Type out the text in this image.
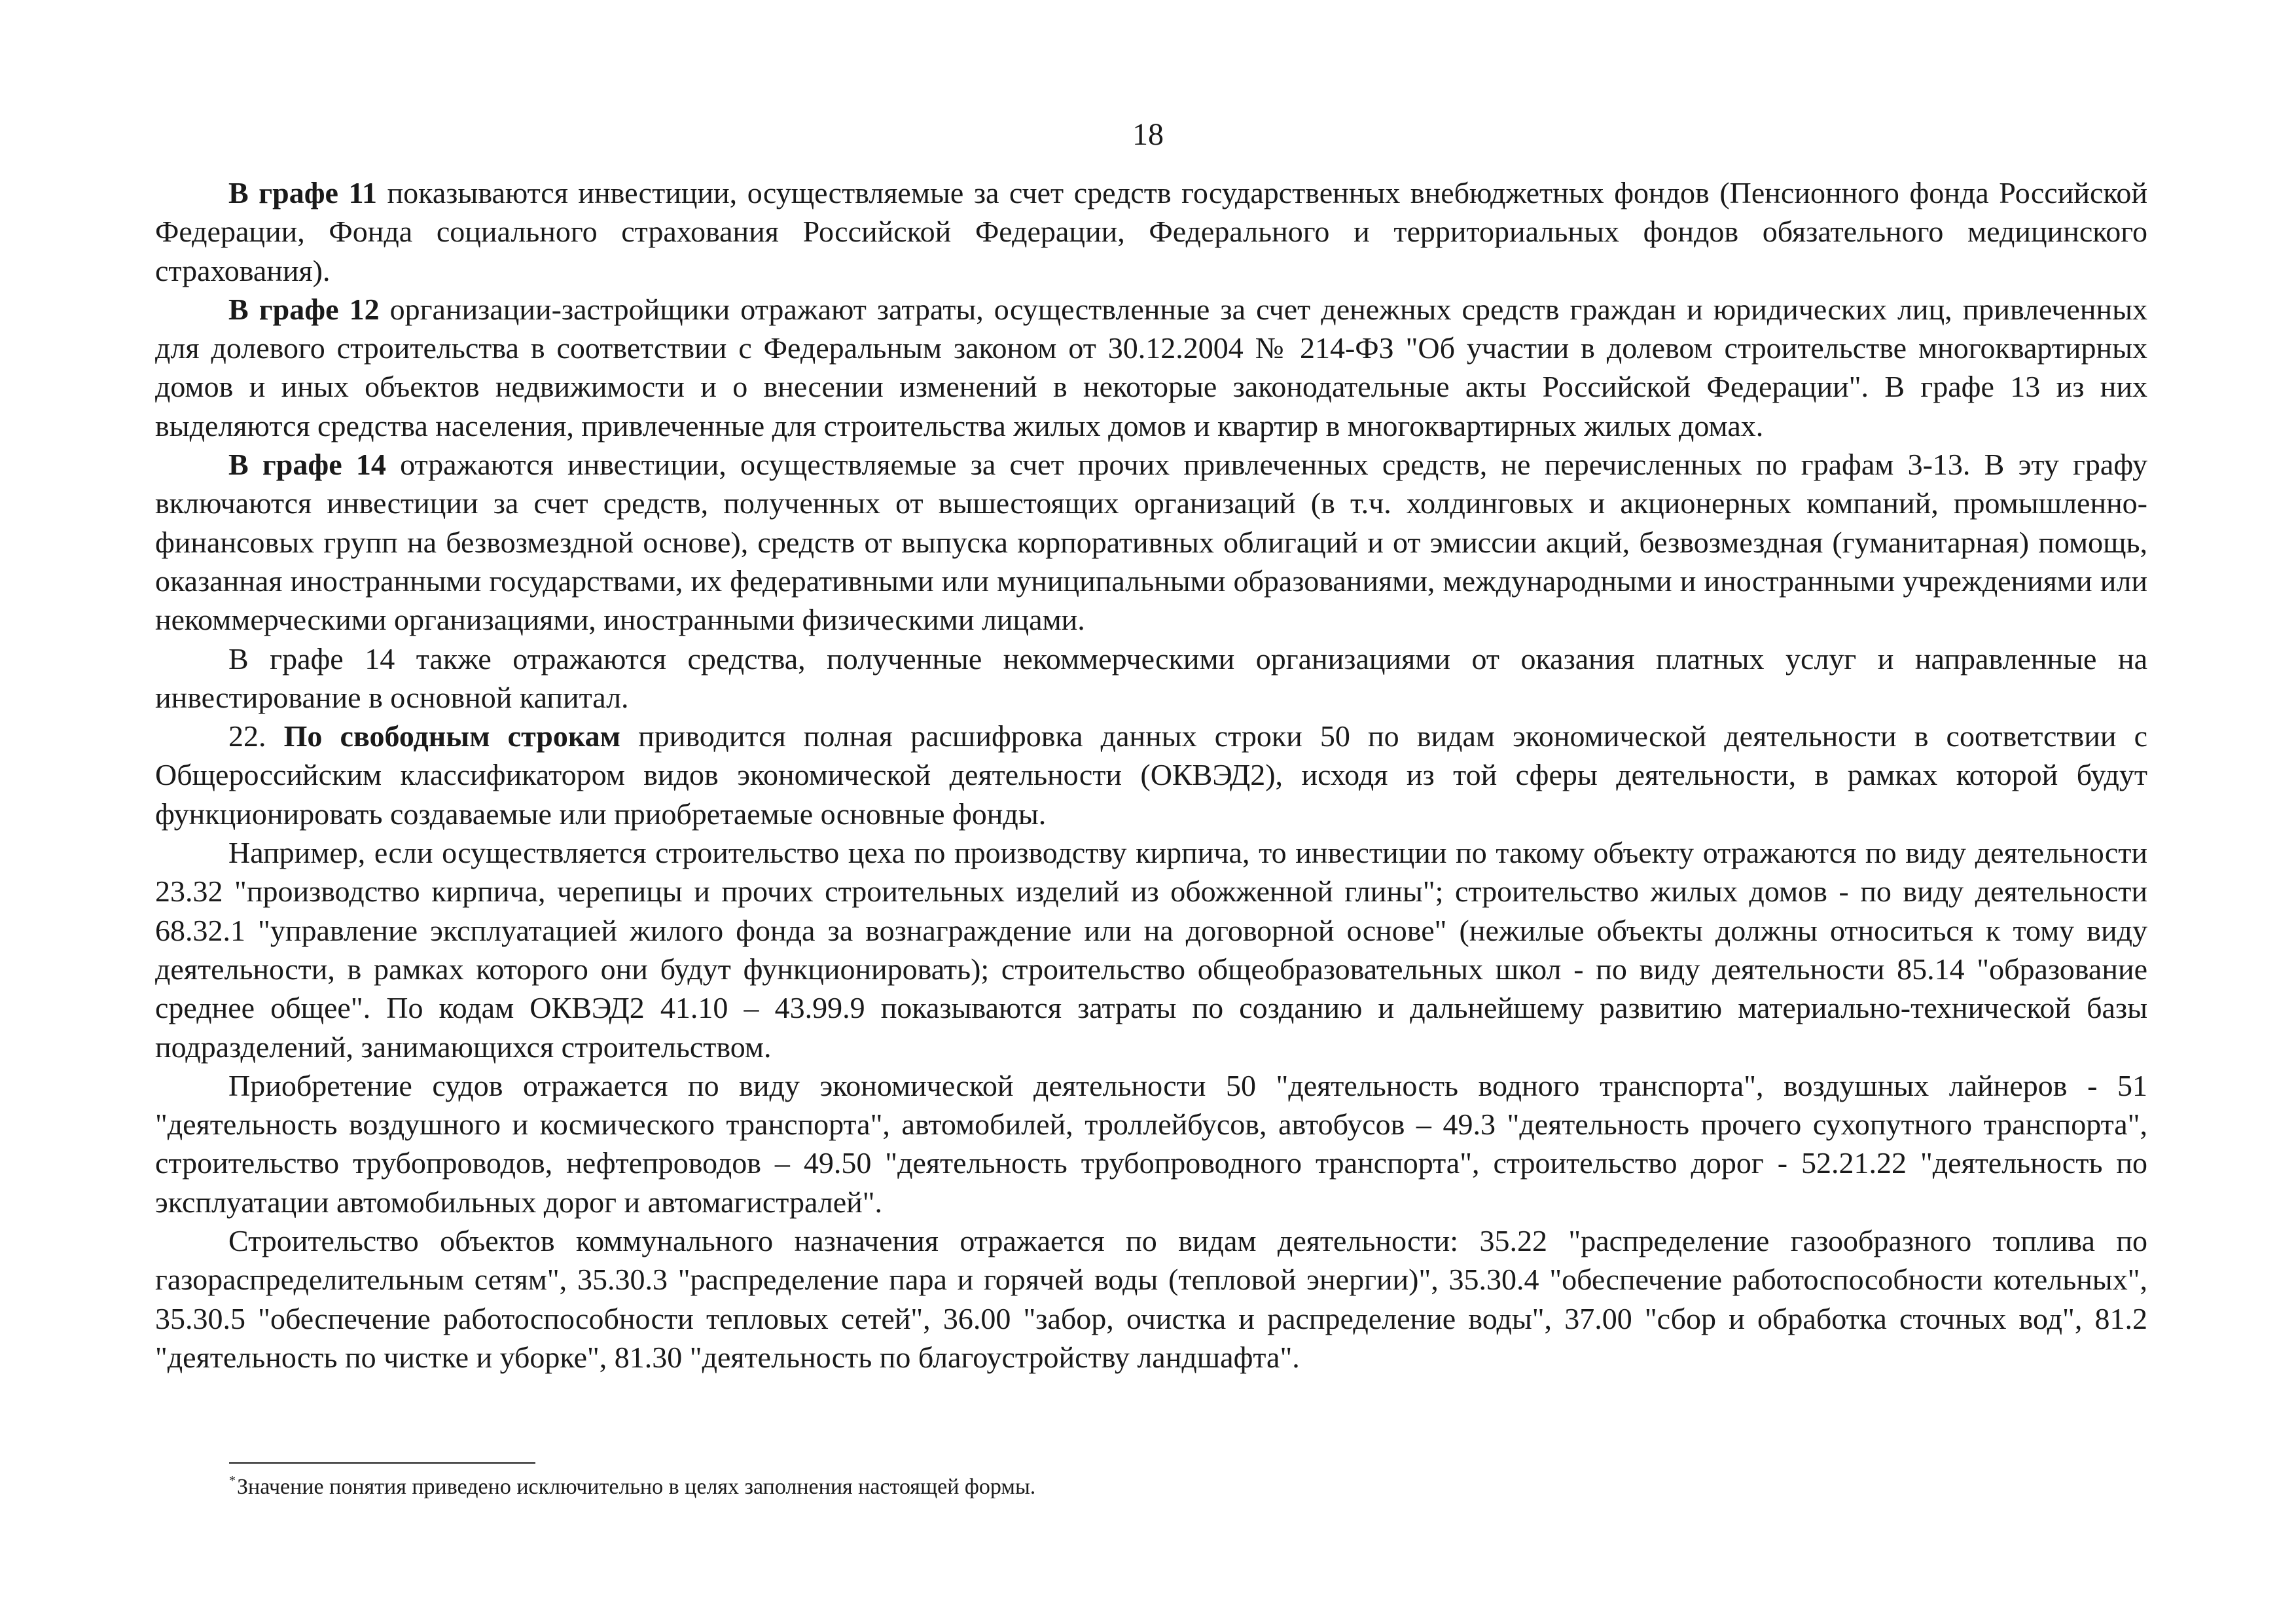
18

В графе 11 показываются инвестиции, осуществляемые за счет средств государственных внебюджетных фондов (Пенсионного фонда Российской Федерации, Фонда социального страхования Российской Федерации, Федерального и территориальных фондов обязательного медицинского страхования).

В графе 12 организации-застройщики отражают затраты, осуществленные за счет денежных средств граждан и юридических лиц, привлеченных для долевого строительства в соответствии с Федеральным законом от 30.12.2004 № 214-ФЗ "Об участии в долевом строительстве многоквартирных домов и иных объектов недвижимости и о внесении изменений в некоторые законодательные акты Российской Федерации". В графе 13 из них выделяются средства населения, привлеченные для строительства жилых домов и квартир в многоквартирных жилых домах.

В графе 14 отражаются инвестиции, осуществляемые за счет прочих привлеченных средств, не перечисленных по графам 3-13. В эту графу включаются инвестиции за счет средств, полученных от вышестоящих организаций (в т.ч. холдинговых и акционерных компаний, промышленно-финансовых групп на безвозмездной основе), средств от выпуска корпоративных облигаций и от эмиссии акций, безвозмездная (гуманитарная) помощь, оказанная иностранными государствами, их федеративными или муниципальными образованиями, международными и иностранными учреждениями или некоммерческими организациями, иностранными физическими лицами.

В графе 14 также отражаются средства, полученные некоммерческими организациями от оказания платных услуг и направленные на инвестирование в основной капитал.

22. По свободным строкам приводится полная расшифровка данных строки 50 по видам экономической деятельности в соответствии с Общероссийским классификатором видов экономической деятельности (ОКВЭД2), исходя из той сферы деятельности, в рамках которой будут функционировать создаваемые или приобретаемые основные фонды.

Например, если осуществляется строительство цеха по производству кирпича, то инвестиции по такому объекту отражаются по виду деятельности 23.32 "производство кирпича, черепицы и прочих строительных изделий из обожженной глины"; строительство жилых домов - по виду деятельности 68.32.1 "управление эксплуатацией жилого фонда за вознаграждение или на договорной основе" (нежилые объекты должны относиться к тому виду деятельности, в рамках которого они будут функционировать); строительство общеобразовательных школ - по виду деятельности 85.14 "образование среднее общее". По кодам ОКВЭД2 41.10 – 43.99.9 показываются затраты по созданию и дальнейшему развитию материально-технической базы подразделений, занимающихся строительством.

Приобретение судов отражается по виду экономической деятельности 50 "деятельность водного транспорта", воздушных лайнеров - 51 "деятельность воздушного и космического транспорта", автомобилей, троллейбусов, автобусов – 49.3 "деятельность прочего сухопутного транспорта", строительство трубопроводов, нефтепроводов – 49.50 "деятельность трубопроводного транспорта", строительство дорог - 52.21.22 "деятельность по эксплуатации автомобильных дорог и автомагистралей".

Строительство объектов коммунального назначения отражается по видам деятельности: 35.22 "распределение газообразного топлива по газораспределительным сетям", 35.30.3 "распределение пара и горячей воды (тепловой энергии)", 35.30.4 "обеспечение работоспособности котельных", 35.30.5 "обеспечение работоспособности тепловых сетей", 36.00 "забор, очистка и распределение воды", 37.00 "сбор и обработка сточных вод", 81.2 "деятельность по чистке и уборке", 81.30 "деятельность по благоустройству ландшафта".

*Значение понятия приведено исключительно в целях заполнения настоящей формы.
